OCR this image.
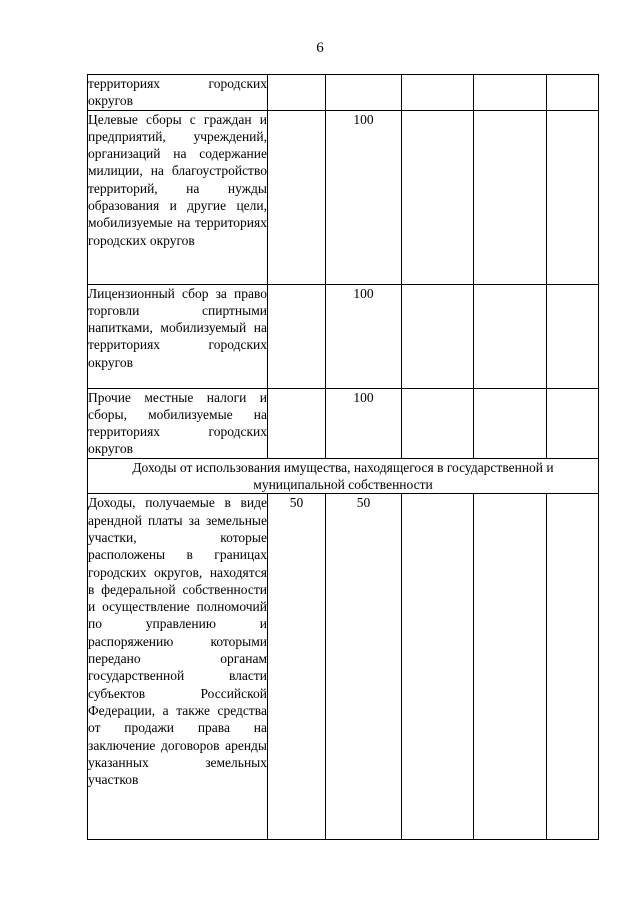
6
территориях городских округов					
Целевые сборы с граждан и предприятий, учреждений, организаций на содержание милиции, на благоустройство территорий, на нужды образования и другие цели, мобилизуемые на территориях городских округов		100			
Лицензионный сбор за право торговли спиртными напитками, мобилизуемый на территориях городских округов		100			
Прочие местные налоги и сборы, мобилизуемые на территориях городских округов		100			
Доходы от использования имущества, находящегося в государственной и муниципальной собственности					
Доходы, получаемые в виде арендной платы за земельные участки, которые расположены в границах городских округов, находятся в федеральной собственности и осуществление полномочий по управлению и распоряжению которыми передано органам государственной власти субъектов Российской Федерации, а также средства от продажи права на заключение договоров аренды указанных земельных участков	50	50			
